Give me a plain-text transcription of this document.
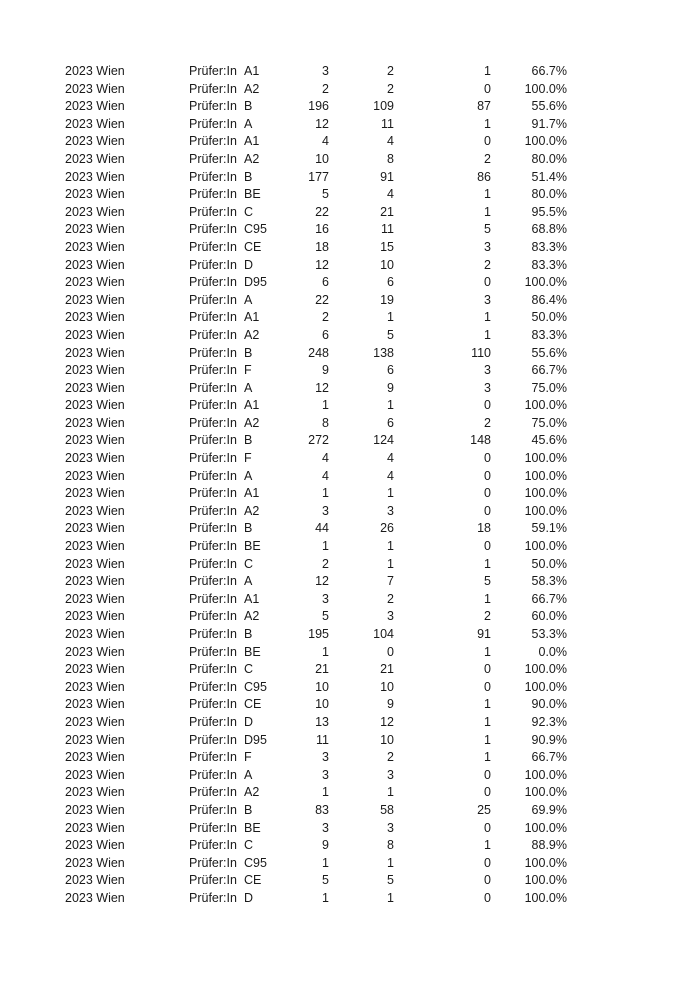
2023 Wien	Prüfer:In A1	3	2	1	66.7%
2023 Wien	Prüfer:In A2	2	2	0	100.0%
2023 Wien	Prüfer:In B	196	109	87	55.6%
2023 Wien	Prüfer:In A	12	11	1	91.7%
2023 Wien	Prüfer:In A1	4	4	0	100.0%
2023 Wien	Prüfer:In A2	10	8	2	80.0%
2023 Wien	Prüfer:In B	177	91	86	51.4%
2023 Wien	Prüfer:In BE	5	4	1	80.0%
2023 Wien	Prüfer:In C	22	21	1	95.5%
2023 Wien	Prüfer:In C95	16	11	5	68.8%
2023 Wien	Prüfer:In CE	18	15	3	83.3%
2023 Wien	Prüfer:In D	12	10	2	83.3%
2023 Wien	Prüfer:In D95	6	6	0	100.0%
2023 Wien	Prüfer:In A	22	19	3	86.4%
2023 Wien	Prüfer:In A1	2	1	1	50.0%
2023 Wien	Prüfer:In A2	6	5	1	83.3%
2023 Wien	Prüfer:In B	248	138	110	55.6%
2023 Wien	Prüfer:In F	9	6	3	66.7%
2023 Wien	Prüfer:In A	12	9	3	75.0%
2023 Wien	Prüfer:In A1	1	1	0	100.0%
2023 Wien	Prüfer:In A2	8	6	2	75.0%
2023 Wien	Prüfer:In B	272	124	148	45.6%
2023 Wien	Prüfer:In F	4	4	0	100.0%
2023 Wien	Prüfer:In A	4	4	0	100.0%
2023 Wien	Prüfer:In A1	1	1	0	100.0%
2023 Wien	Prüfer:In A2	3	3	0	100.0%
2023 Wien	Prüfer:In B	44	26	18	59.1%
2023 Wien	Prüfer:In BE	1	1	0	100.0%
2023 Wien	Prüfer:In C	2	1	1	50.0%
2023 Wien	Prüfer:In A	12	7	5	58.3%
2023 Wien	Prüfer:In A1	3	2	1	66.7%
2023 Wien	Prüfer:In A2	5	3	2	60.0%
2023 Wien	Prüfer:In B	195	104	91	53.3%
2023 Wien	Prüfer:In BE	1	0	1	0.0%
2023 Wien	Prüfer:In C	21	21	0	100.0%
2023 Wien	Prüfer:In C95	10	10	0	100.0%
2023 Wien	Prüfer:In CE	10	9	1	90.0%
2023 Wien	Prüfer:In D	13	12	1	92.3%
2023 Wien	Prüfer:In D95	11	10	1	90.9%
2023 Wien	Prüfer:In F	3	2	1	66.7%
2023 Wien	Prüfer:In A	3	3	0	100.0%
2023 Wien	Prüfer:In A2	1	1	0	100.0%
2023 Wien	Prüfer:In B	83	58	25	69.9%
2023 Wien	Prüfer:In BE	3	3	0	100.0%
2023 Wien	Prüfer:In C	9	8	1	88.9%
2023 Wien	Prüfer:In C95	1	1	0	100.0%
2023 Wien	Prüfer:In CE	5	5	0	100.0%
2023 Wien	Prüfer:In D	1	1	0	100.0%
